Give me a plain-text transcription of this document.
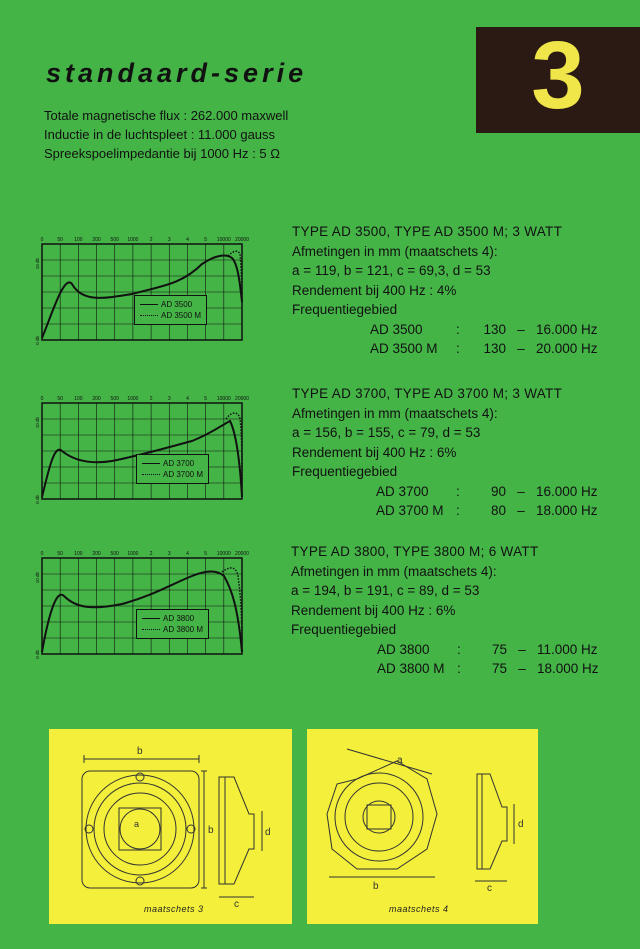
standaard-serie	3
Totale magnetische flux : 262.000 maxwell
Inductie in de luchtspleet : 11.000 gauss
Spreekspoelimpedantie bij 1000 Hz : 5 Ω
TYPE AD 3500, TYPE AD 3500 M; 3 WATT
Afmetingen in mm (maatschets 4):
a = 119, b = 121, c = 69,3, d = 53
Rendement bij 400 Hz : 4%
Frequentiegebied
AD 3500	:	130 – 16.000 Hz
AD 3500 M	:	130 – 20.000 Hz
TYPE AD 3700, TYPE AD 3700 M; 3 WATT
Afmetingen in mm (maatschets 4):
a = 156, b = 155, c = 79, d = 53
Rendement bij 400 Hz : 6%
Frequentiegebied
AD 3700	:	90 – 16.000 Hz
AD 3700 M :	80 – 18.000 Hz
TYPE AD 3800, TYPE 3800 M; 6 WATT
Afmetingen in mm (maatschets 4):
a = 194, b = 191, c = 89, d = 53
Rendement bij 400 Hz : 6%
Frequentiegebied
AD 3800	:	75 – 11.000 Hz
AD 3800 M :	75 – 18.000 Hz
0	50 100 200 500 1000 2	3	4	5 10000 20000
10 db
0 db
0	50 100 200 500 1000 2	3	4	5 10000 20000
10 db
0 db
0	50 100 200 500 1000 2	3	4	5 10000 20000
10 db
0 db
AD 3500
AD 3500 M
AD 3700
AD 3700 M
AD 3800
AD 3800 M
b
b
a
c
d
maatschets 3
a
b	c
d
maatschets 4
